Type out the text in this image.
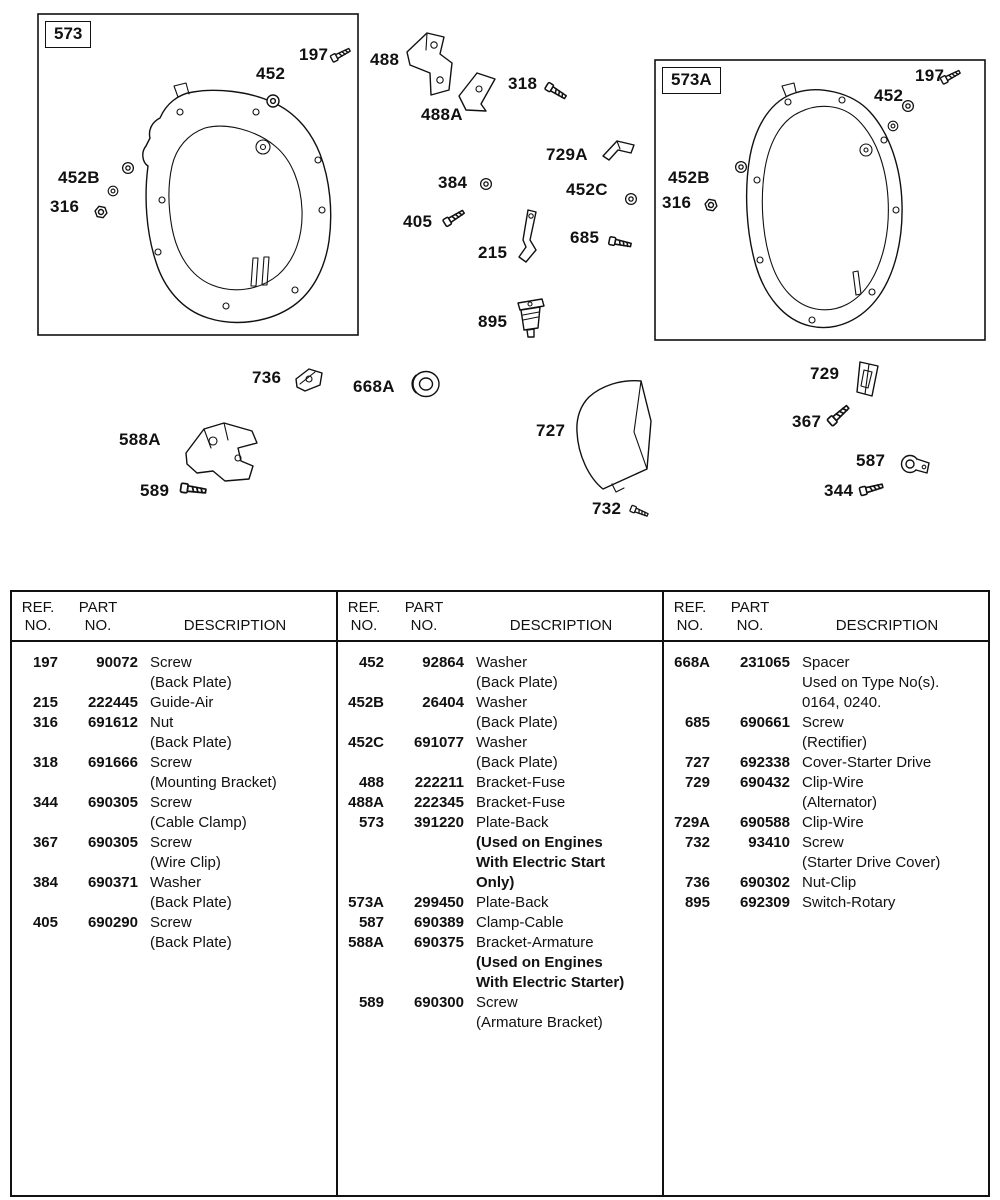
452
197 488
488A
318
729A
452B
316
384	452C
405
215
685
895
197
452
452B
316
736	668A
588A
589
727
732
729
367
587
344
573
573A
REF.
NO.
PART
NO.	DESCRIPTION
197	90072 Screw
(Back Plate)
215	222445 Guide-Air
316	691612 Nut
(Back Plate)
318	691666 Screw
(Mounting Bracket)
344	690305 Screw
(Cable Clamp)
367	690305 Screw
(Wire Clip)
384	690371 Washer
(Back Plate)
405	690290 Screw
(Back Plate)
REF.
NO.
PART
NO.	DESCRIPTION
452	92864 Washer
(Back Plate)
452B	26404 Washer
(Back Plate)
452C	691077 Washer
(Back Plate)
488	222211 Bracket-Fuse
488A	222345 Bracket-Fuse
573	391220 Plate-Back
(Used on Engines
With Electric Start
Only)
573A	299450 Plate-Back
587	690389 Clamp-Cable
588A	690375 Bracket-Armature
(Used on Engines
With Electric Starter)
589	690300 Screw
(Armature Bracket)
REF.
NO.
PART
NO.	DESCRIPTION
668A	231065 Spacer
Used on Type No(s).
0164, 0240.
685	690661 Screw
(Rectifier)
727	692338 Cover-Starter Drive
729	690432 Clip-Wire
(Alternator)
729A	690588 Clip-Wire
732	93410 Screw
(Starter Drive Cover)
736	690302 Nut-Clip
895	692309 Switch-Rotary
